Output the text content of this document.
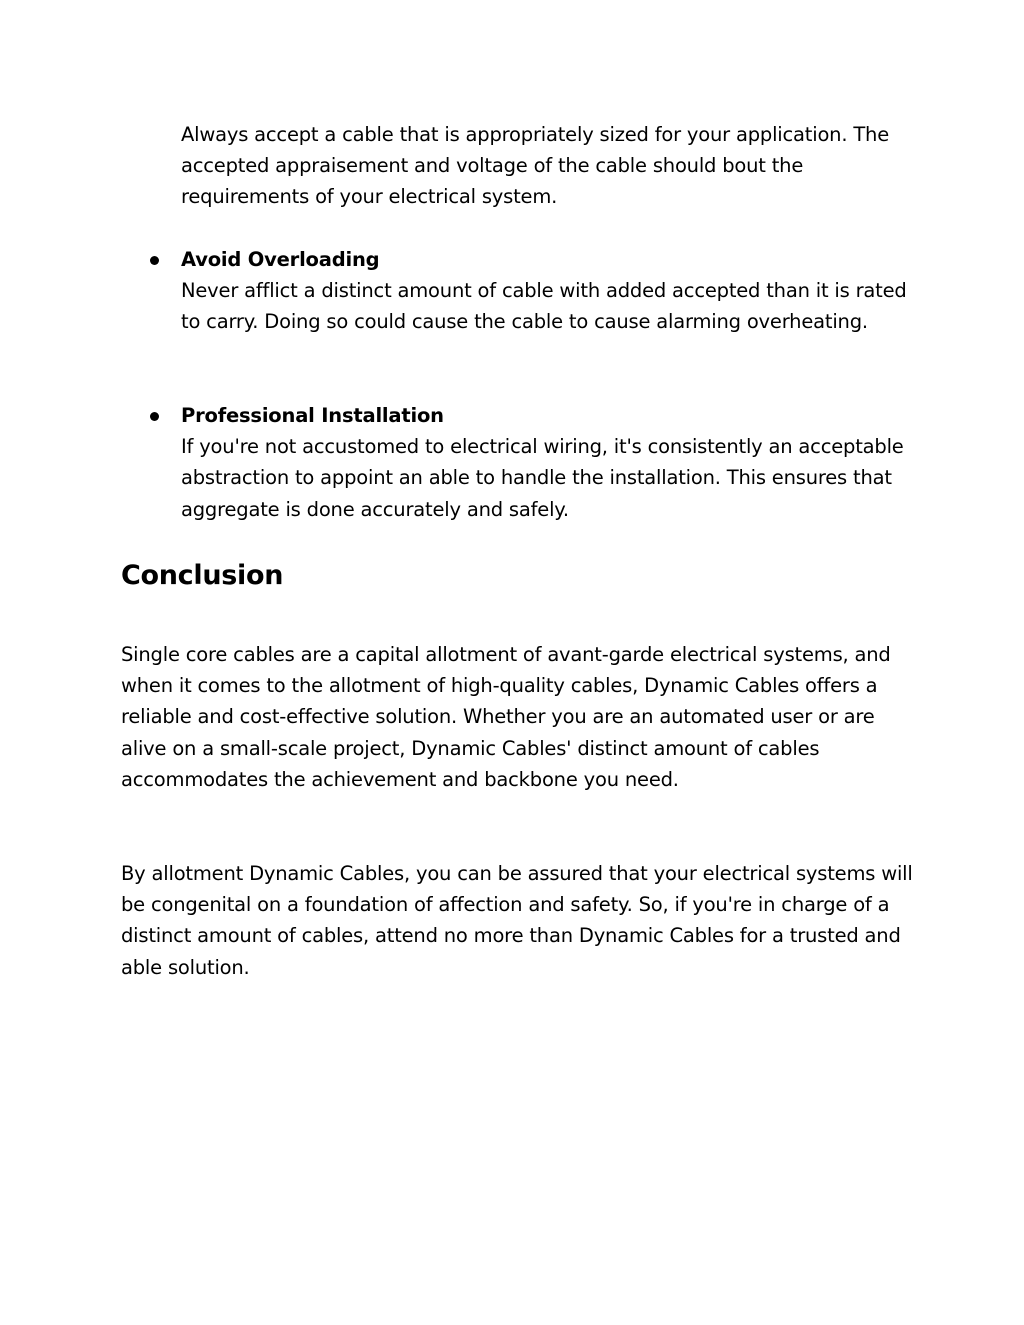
Always accept a cable that is appropriately sized for your application. The accepted appraisement and voltage of the cable should bout the requirements of your electrical system.

Avoid Overloading

Never afflict a distinct amount of cable with added accepted than it is rated to carry. Doing so could cause the cable to cause alarming overheating.

Professional Installation

If you're not accustomed to electrical wiring, it's consistently an acceptable abstraction to appoint an able to handle the installation. This ensures that aggregate is done accurately and safely.

Conclusion

Single core cables are a capital allotment of avant-garde electrical systems, and when it comes to the allotment of high-quality cables, Dynamic Cables offers a reliable and cost-effective solution. Whether you are an automated user or are alive on a small-scale project, Dynamic Cables' distinct amount of cables accommodates the achievement and backbone you need.

By allotment Dynamic Cables, you can be assured that your electrical systems will be congenital on a foundation of affection and safety. So, if you're in charge of a distinct amount of cables, attend no more than Dynamic Cables for a trusted and able solution.
